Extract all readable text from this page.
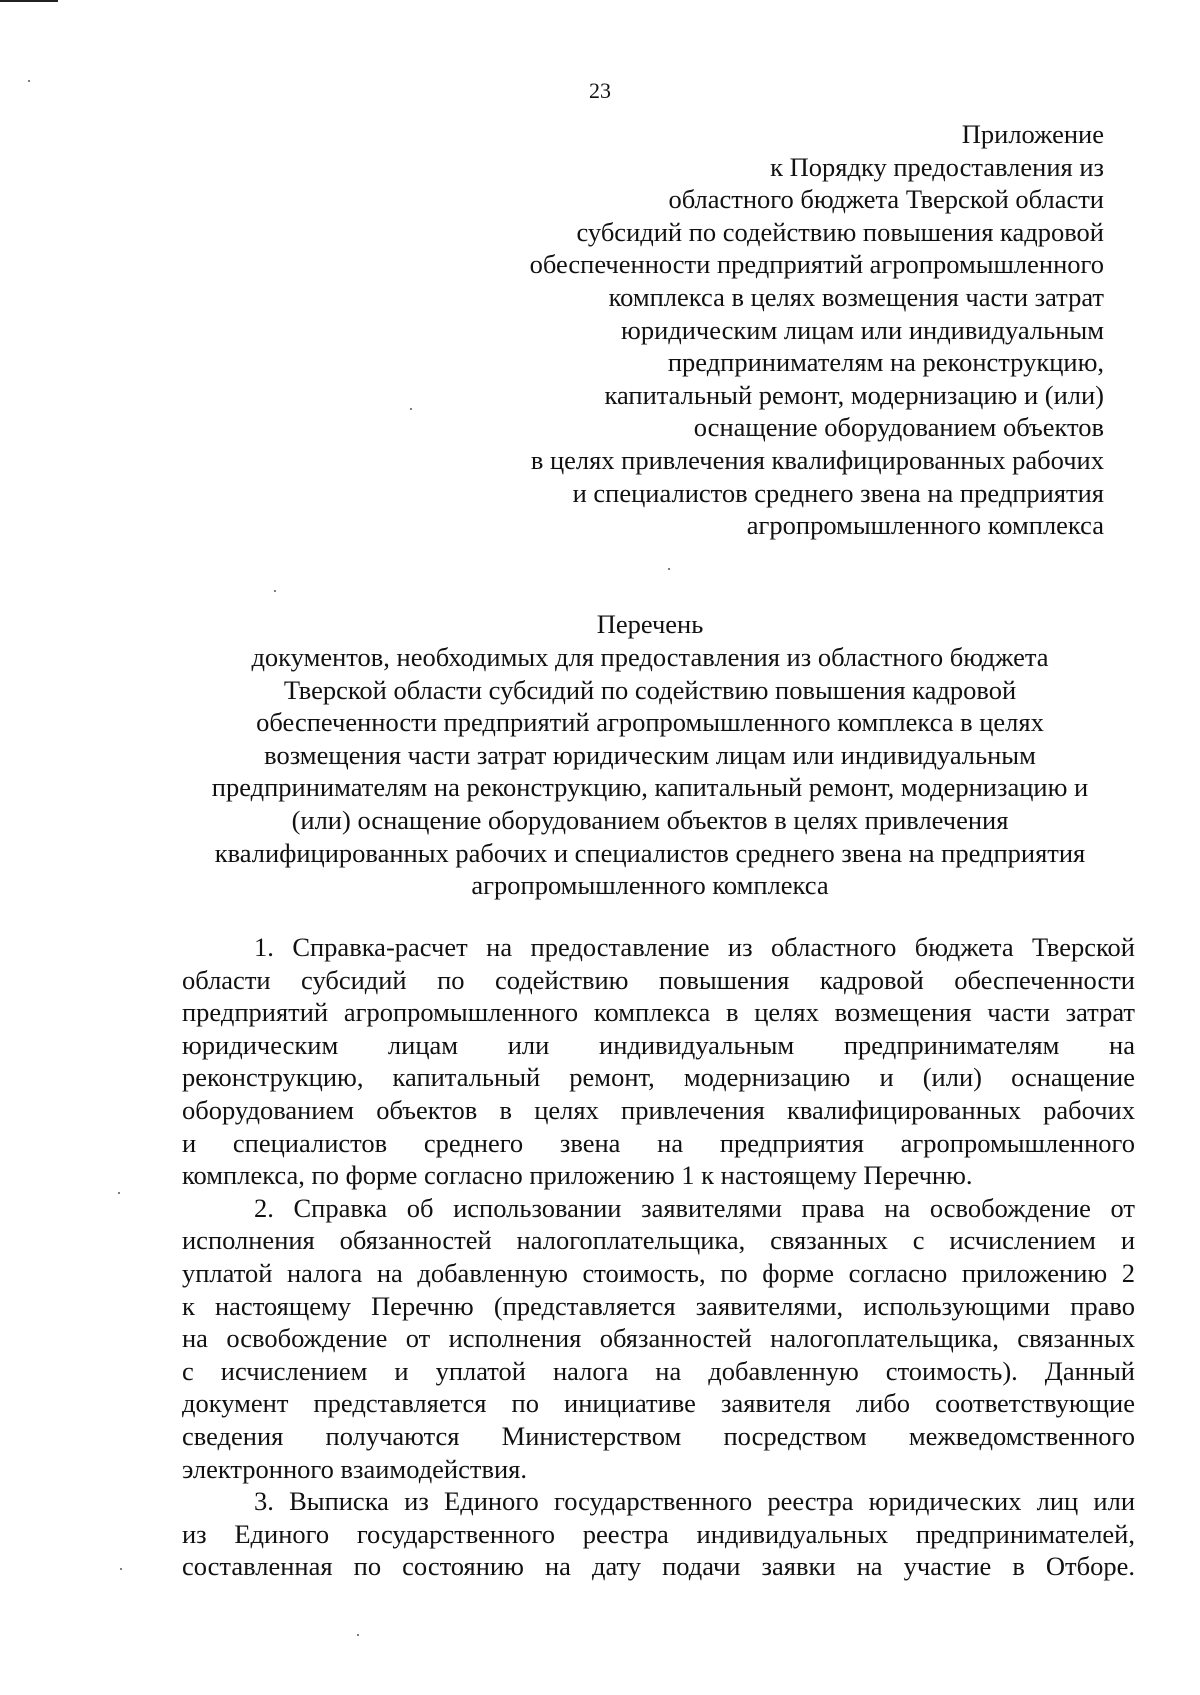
23
Приложение
к Порядку предоставления из
областного бюджета Тверской области
субсидий по содействию повышения кадровой
обеспеченности предприятий агропромышленного
комплекса в целях возмещения части затрат
юридическим лицам или индивидуальным
предпринимателям на реконструкцию,
капитальный ремонт, модернизацию и (или)
оснащение оборудованием объектов
в целях привлечения квалифицированных рабочих
и специалистов среднего звена на предприятия
агропромышленного комплекса
Перечень
документов, необходимых для предоставления из областного бюджета
Тверской области субсидий по содействию повышения кадровой
обеспеченности предприятий агропромышленного комплекса в целях
возмещения части затрат юридическим лицам или индивидуальным
предпринимателям на реконструкцию, капитальный ремонт, модернизацию и
(или) оснащение оборудованием объектов в целях привлечения
квалифицированных рабочих и специалистов среднего звена на предприятия
агропромышленного комплекса
1. Справка-расчет на предоставление из областного бюджета Тверской
области субсидий по содействию повышения кадровой обеспеченности
предприятий агропромышленного комплекса в целях возмещения части затрат
юридическим лицам или индивидуальным предпринимателям на
реконструкцию, капитальный ремонт, модернизацию и (или) оснащение
оборудованием объектов в целях привлечения квалифицированных рабочих
и специалистов среднего звена на предприятия агропромышленного
комплекса, по форме согласно приложению 1 к настоящему Перечню.
2. Справка об использовании заявителями права на освобождение от
исполнения обязанностей налогоплательщика, связанных с исчислением и
уплатой налога на добавленную стоимость, по форме согласно приложению 2
к настоящему Перечню (представляется заявителями, использующими право
на освобождение от исполнения обязанностей налогоплательщика, связанных
с исчислением и уплатой налога на добавленную стоимость). Данный
документ представляется по инициативе заявителя либо соответствующие
сведения получаются Министерством посредством межведомственного
электронного взаимодействия.
3. Выписка из Единого государственного реестра юридических лиц или
из Единого государственного реестра индивидуальных предпринимателей,
составленная по состоянию на дату подачи заявки на участие в Отборе.
